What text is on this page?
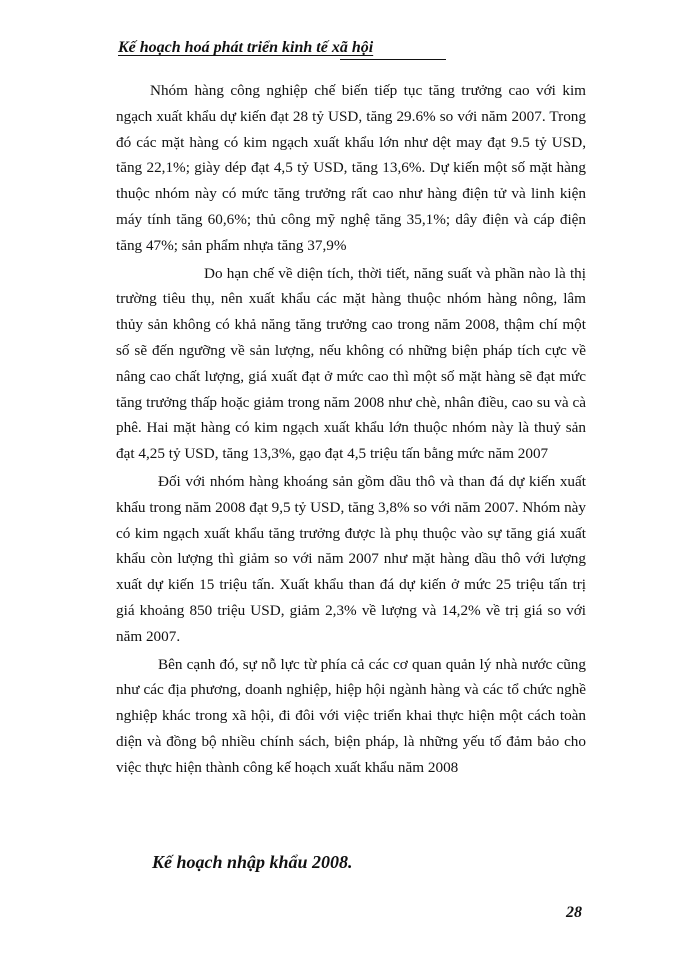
Kế hoạch hoá phát triển kinh tế xã hội

Nhóm hàng công nghiệp chế biến tiếp tục tăng trưởng cao với kim ngạch xuất khẩu dự kiến đạt 28 tỷ USD, tăng 29.6% so với năm 2007. Trong đó các mặt hàng có kim ngạch xuất khẩu lớn như dệt may đạt 9.5 tỷ USD, tăng 22,1%; giày dép đạt 4,5 tỷ USD, tăng 13,6%. Dự kiến một số mặt hàng thuộc nhóm này có mức tăng trưởng rất cao như hàng điện tử và linh kiện máy tính tăng 60,6%; thủ công mỹ nghệ tăng 35,1%; dây điện và cáp điện tăng 47%; sản phẩm nhựa tăng 37,9%

Do hạn chế về diện tích, thời tiết, năng suất và phần nào là thị trường tiêu thụ, nên xuất khẩu các mặt hàng thuộc nhóm hàng nông, lâm thủy sản không có khả năng tăng trưởng cao trong năm 2008, thậm chí một số sẽ đến ngưỡng về sản lượng, nếu không có những biện pháp tích cực về nâng cao chất lượng, giá xuất đạt ở mức cao thì một số mặt hàng sẽ đạt mức tăng trưởng thấp hoặc giảm trong năm 2008 như chè, nhân điều, cao su và cà phê. Hai mặt hàng có kim ngạch xuất khẩu lớn thuộc nhóm này là thuỷ sản đạt 4,25 tỷ USD, tăng 13,3%, gạo đạt 4,5 triệu tấn bằng mức năm 2007

Đối với nhóm hàng khoáng sản gồm dầu thô và than đá dự kiến xuất khẩu trong năm 2008 đạt 9,5 tỷ USD, tăng 3,8% so với năm 2007. Nhóm này có kim ngạch xuất khẩu tăng trưởng được là phụ thuộc vào sự tăng giá xuất khẩu còn lượng thì giảm so với năm 2007 như mặt hàng dầu thô với lượng xuất dự kiến 15 triệu tấn. Xuất khẩu than đá dự kiến ở mức 25 triệu tấn trị giá khoảng 850 triệu USD, giảm 2,3% về lượng và 14,2% về trị giá so với năm 2007.

Bên cạnh đó, sự nỗ lực từ phía cả các cơ quan quản lý nhà nước cũng như các địa phương, doanh nghiệp, hiệp hội ngành hàng và các tổ chức nghề nghiệp khác trong xã hội, đi đôi với việc triển khai thực hiện một cách toàn diện và đồng bộ nhiều chính sách, biện pháp, là những yếu tố đảm bảo cho việc thực hiện thành công kế hoạch xuất khẩu năm 2008

Kế hoạch nhập khẩu 2008.
28
